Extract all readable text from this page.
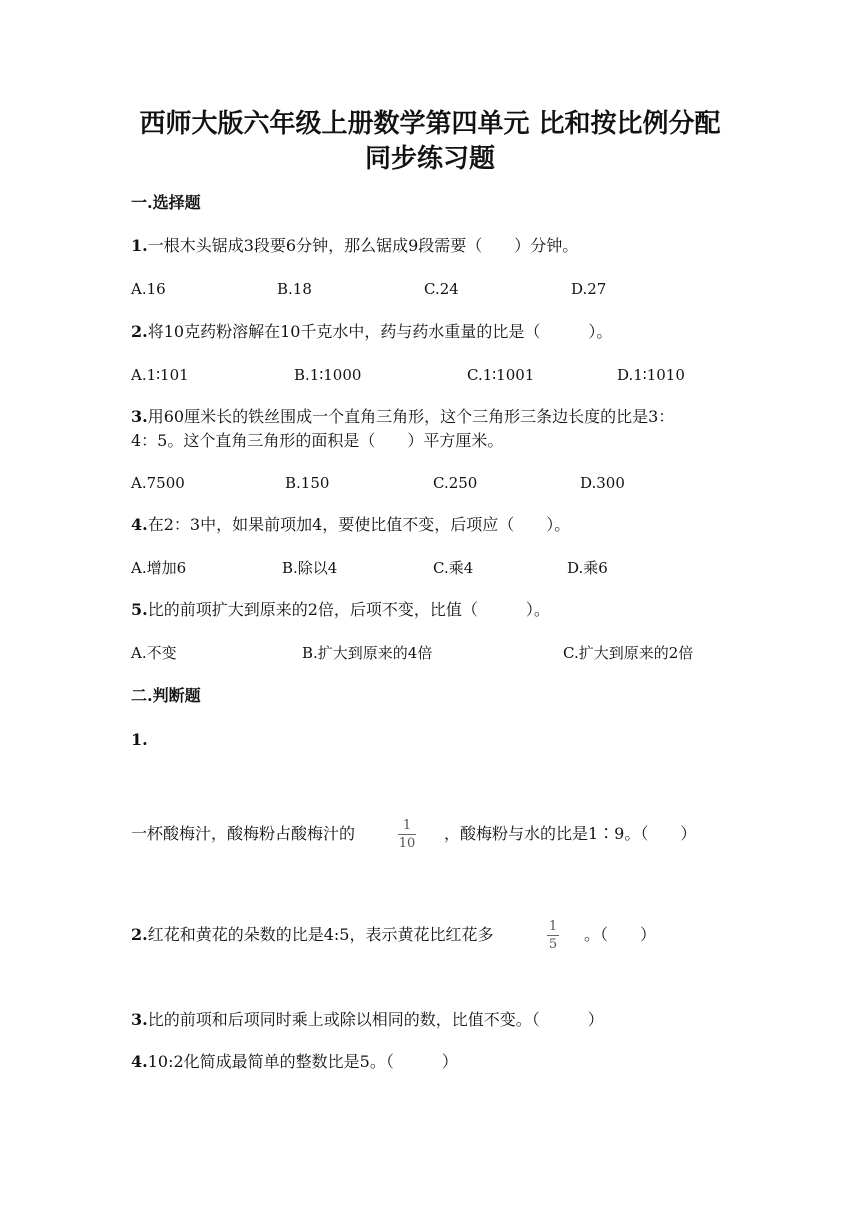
西师大版六年级上册数学第四单元 比和按比例分配
同步练习题
一.选择题
1.一根木头锯成3段要6分钟，那么锯成9段需要（　　）分钟。
A.16	B.18	C.24	D.27
2.将10克药粉溶解在10千克水中，药与药水重量的比是（　　　）。
A.1∶101	B.1∶1000	C.1∶1001	D.1∶1010
3.用60厘米长的铁丝围成一个直角三角形，这个三角形三条边长度的比是3：
4：5。这个直角三角形的面积是（　　）平方厘米。
A.7500	B.150	C.250	D.300
4.在2：3中，如果前项加4，要使比值不变，后项应（　　）。
A.增加6	B.除以4	C.乘4	D.乘6
5.比的前项扩大到原来的2倍，后项不变，比值（　　　）。
A.不变	B.扩大到原来的4倍	C.扩大到原来的2倍
二.判断题
1.
一杯酸梅汁，酸梅粉占酸梅汁的	1
10
，酸梅粉与水的比是1∶9。（　　）
2.红花和黄花的朵数的比是4:5，表示黄花比红花多	1
5
。（　　）
3.比的前项和后项同时乘上或除以相同的数，比值不变。（　　　）
4.10:2化简成最简单的整数比是5。（　　　）
